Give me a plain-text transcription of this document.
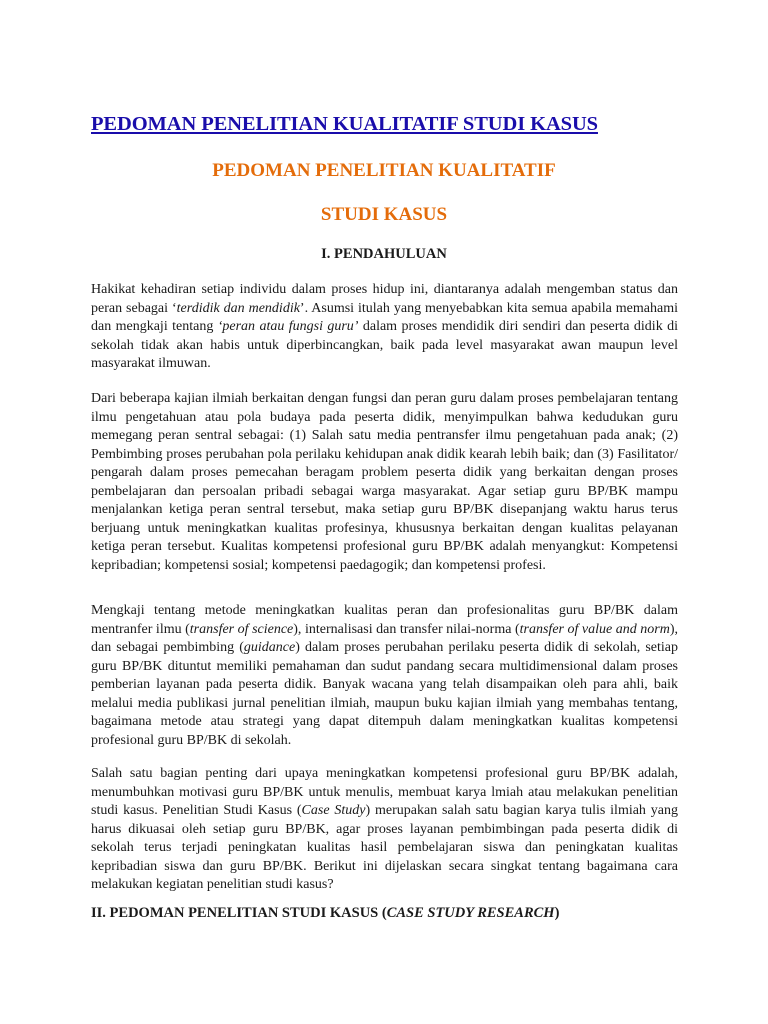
PEDOMAN PENELITIAN KUALITATIF STUDI KASUS
PEDOMAN PENELITIAN KUALITATIF
STUDI KASUS
I. PENDAHULUAN

Hakikat kehadiran setiap individu dalam proses hidup ini, diantaranya adalah mengemban status dan peran sebagai ‘terdidik dan mendidik’. Asumsi itulah yang menyebabkan kita semua apabila memahami dan mengkaji tentang ‘peran atau fungsi guru’ dalam proses mendidik diri sendiri dan peserta didik di sekolah tidak akan habis untuk diperbincangkan, baik pada level masyarakat awan maupun level masyarakat ilmuwan.

Dari beberapa kajian ilmiah berkaitan dengan fungsi dan peran guru dalam proses pembelajaran tentang ilmu pengetahuan atau pola budaya pada peserta didik, menyimpulkan bahwa kedudukan guru memegang peran sentral sebagai: (1) Salah satu media pentransfer ilmu pengetahuan pada anak; (2) Pembimbing proses perubahan pola perilaku kehidupan anak didik kearah lebih baik; dan (3) Fasilitator/ pengarah dalam proses pemecahan beragam problem peserta didik yang berkaitan dengan proses pembelajaran dan persoalan pribadi sebagai warga masyarakat. Agar setiap guru BP/BK mampu menjalankan ketiga peran sentral tersebut, maka setiap guru BP/BK disepanjang waktu harus terus berjuang untuk meningkatkan kualitas profesinya, khususnya berkaitan dengan kualitas pelayanan ketiga peran tersebut. Kualitas kompetensi profesional guru BP/BK adalah menyangkut: Kompetensi kepribadian; kompetensi sosial; kompetensi paedagogik; dan kompetensi profesi.

Mengkaji tentang metode meningkatkan kualitas peran dan profesionalitas guru BP/BK dalam mentranfer ilmu (transfer of science), internalisasi dan transfer nilai-norma (transfer of value and norm), dan sebagai pembimbing (guidance) dalam proses perubahan perilaku peserta didik di sekolah, setiap guru BP/BK dituntut memiliki pemahaman dan sudut pandang secara multidimensional dalam proses pemberian layanan pada peserta didik. Banyak wacana yang telah disampaikan oleh para ahli, baik melalui media publikasi jurnal penelitian ilmiah, maupun buku kajian ilmiah yang membahas tentang, bagaimana metode atau strategi yang dapat ditempuh dalam meningkatkan kualitas kompetensi profesional guru BP/BK di sekolah.

Salah satu bagian penting dari upaya meningkatkan kompetensi profesional guru BP/BK adalah, menumbuhkan motivasi guru BP/BK untuk menulis, membuat karya lmiah atau melakukan penelitian studi kasus. Penelitian Studi Kasus (Case Study) merupakan salah satu bagian karya tulis ilmiah yang harus dikuasai oleh setiap guru BP/BK, agar proses layanan pembimbingan pada peserta didik di sekolah terus terjadi peningkatan kualitas hasil pembelajaran siswa dan peningkatan kualitas kepribadian siswa dan guru BP/BK. Berikut ini dijelaskan secara singkat tentang bagaimana cara melakukan kegiatan penelitian studi kasus?

II. PEDOMAN PENELITIAN STUDI KASUS (CASE STUDY RESEARCH)
